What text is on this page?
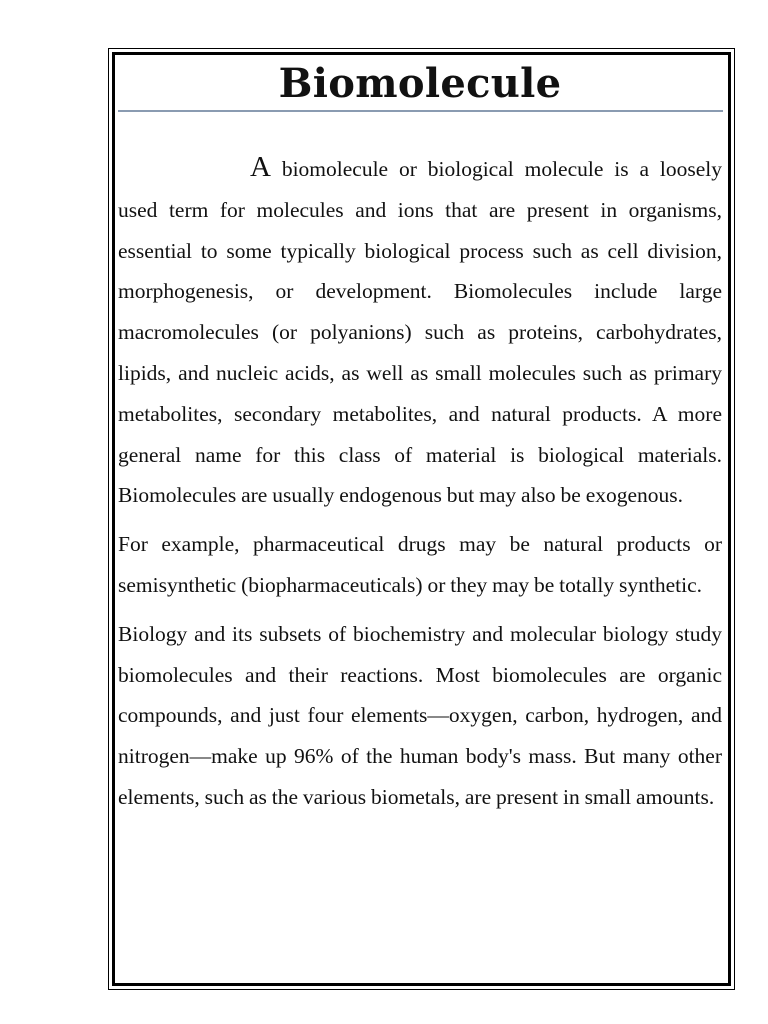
Biomolecule

A biomolecule or biological molecule is a loosely used term for molecules and ions that are present in organisms, essential to some typically biological process such as cell division, morphogenesis, or development. Biomolecules include large macromolecules (or polyanions) such as proteins, carbohydrates, lipids, and nucleic acids, as well as small molecules such as primary metabolites, secondary metabolites, and natural products. A more general name for this class of material is biological materials. Biomolecules are usually endogenous but may also be exogenous.

For example, pharmaceutical drugs may be natural products or semisynthetic (biopharmaceuticals) or they may be totally synthetic.

Biology and its subsets of biochemistry and molecular biology study biomolecules and their reactions. Most biomolecules are organic compounds, and just four elements—oxygen, carbon, hydrogen, and nitrogen—make up 96% of the human body's mass. But many other elements, such as the various biometals, are present in small amounts.
